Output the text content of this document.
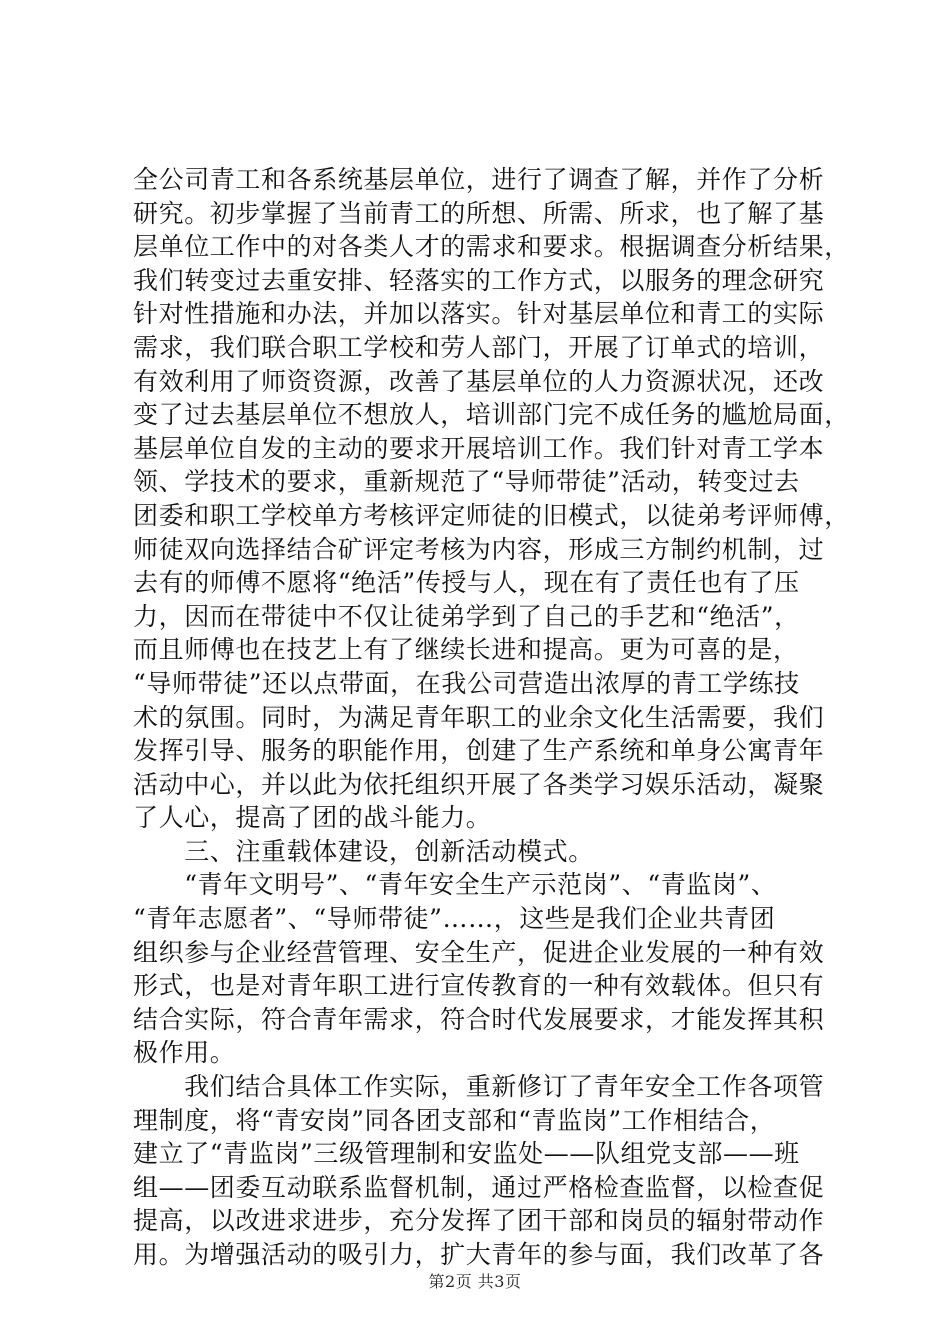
全公司青工和各系统基层单位，进行了调查了解，并作了分析
研究。初步掌握了当前青工的所想、所需、所求，也了解了基
层单位工作中的对各类人才的需求和要求。根据调查分析结果，
我们转变过去重安排、轻落实的工作方式，以服务的理念研究
针对性措施和办法，并加以落实。针对基层单位和青工的实际
需求，我们联合职工学校和劳人部门，开展了订单式的培训，
有效利用了师资资源，改善了基层单位的人力资源状况，还改
变了过去基层单位不想放人，培训部门完不成任务的尴尬局面，
基层单位自发的主动的要求开展培训工作。我们针对青工学本
领、学技术的要求，重新规范了“导师带徒”活动，转变过去
团委和职工学校单方考核评定师徒的旧模式，以徒弟考评师傅，
师徒双向选择结合矿评定考核为内容，形成三方制约机制，过
去有的师傅不愿将“绝活”传授与人，现在有了责任也有了压
力，因而在带徒中不仅让徒弟学到了自己的手艺和“绝活”，
而且师傅也在技艺上有了继续长进和提高。更为可喜的是，
“导师带徒”还以点带面，在我公司营造出浓厚的青工学练技
术的氛围。同时，为满足青年职工的业余文化生活需要，我们
发挥引导、服务的职能作用，创建了生产系统和单身公寓青年
活动中心，并以此为依托组织开展了各类学习娱乐活动，凝聚
了人心，提高了团的战斗能力。
　　三、注重载体建设，创新活动模式。
　　“青年文明号”、“青年安全生产示范岗”、“青监岗”、
“青年志愿者”、“导师带徒”……，这些是我们企业共青团
组织参与企业经营管理、安全生产，促进企业发展的一种有效
形式，也是对青年职工进行宣传教育的一种有效载体。但只有
结合实际，符合青年需求，符合时代发展要求，才能发挥其积
极作用。
　　我们结合具体工作实际，重新修订了青年安全工作各项管
理制度，将“青安岗”同各团支部和“青监岗”工作相结合，
建立了“青监岗”三级管理制和安监处——队组党支部——班
组——团委互动联系监督机制，通过严格检查监督，以检查促
提高，以改进求进步，充分发挥了团干部和岗员的辐射带动作
用。为增强活动的吸引力，扩大青年的参与面，我们改革了各
第2页 共3页
